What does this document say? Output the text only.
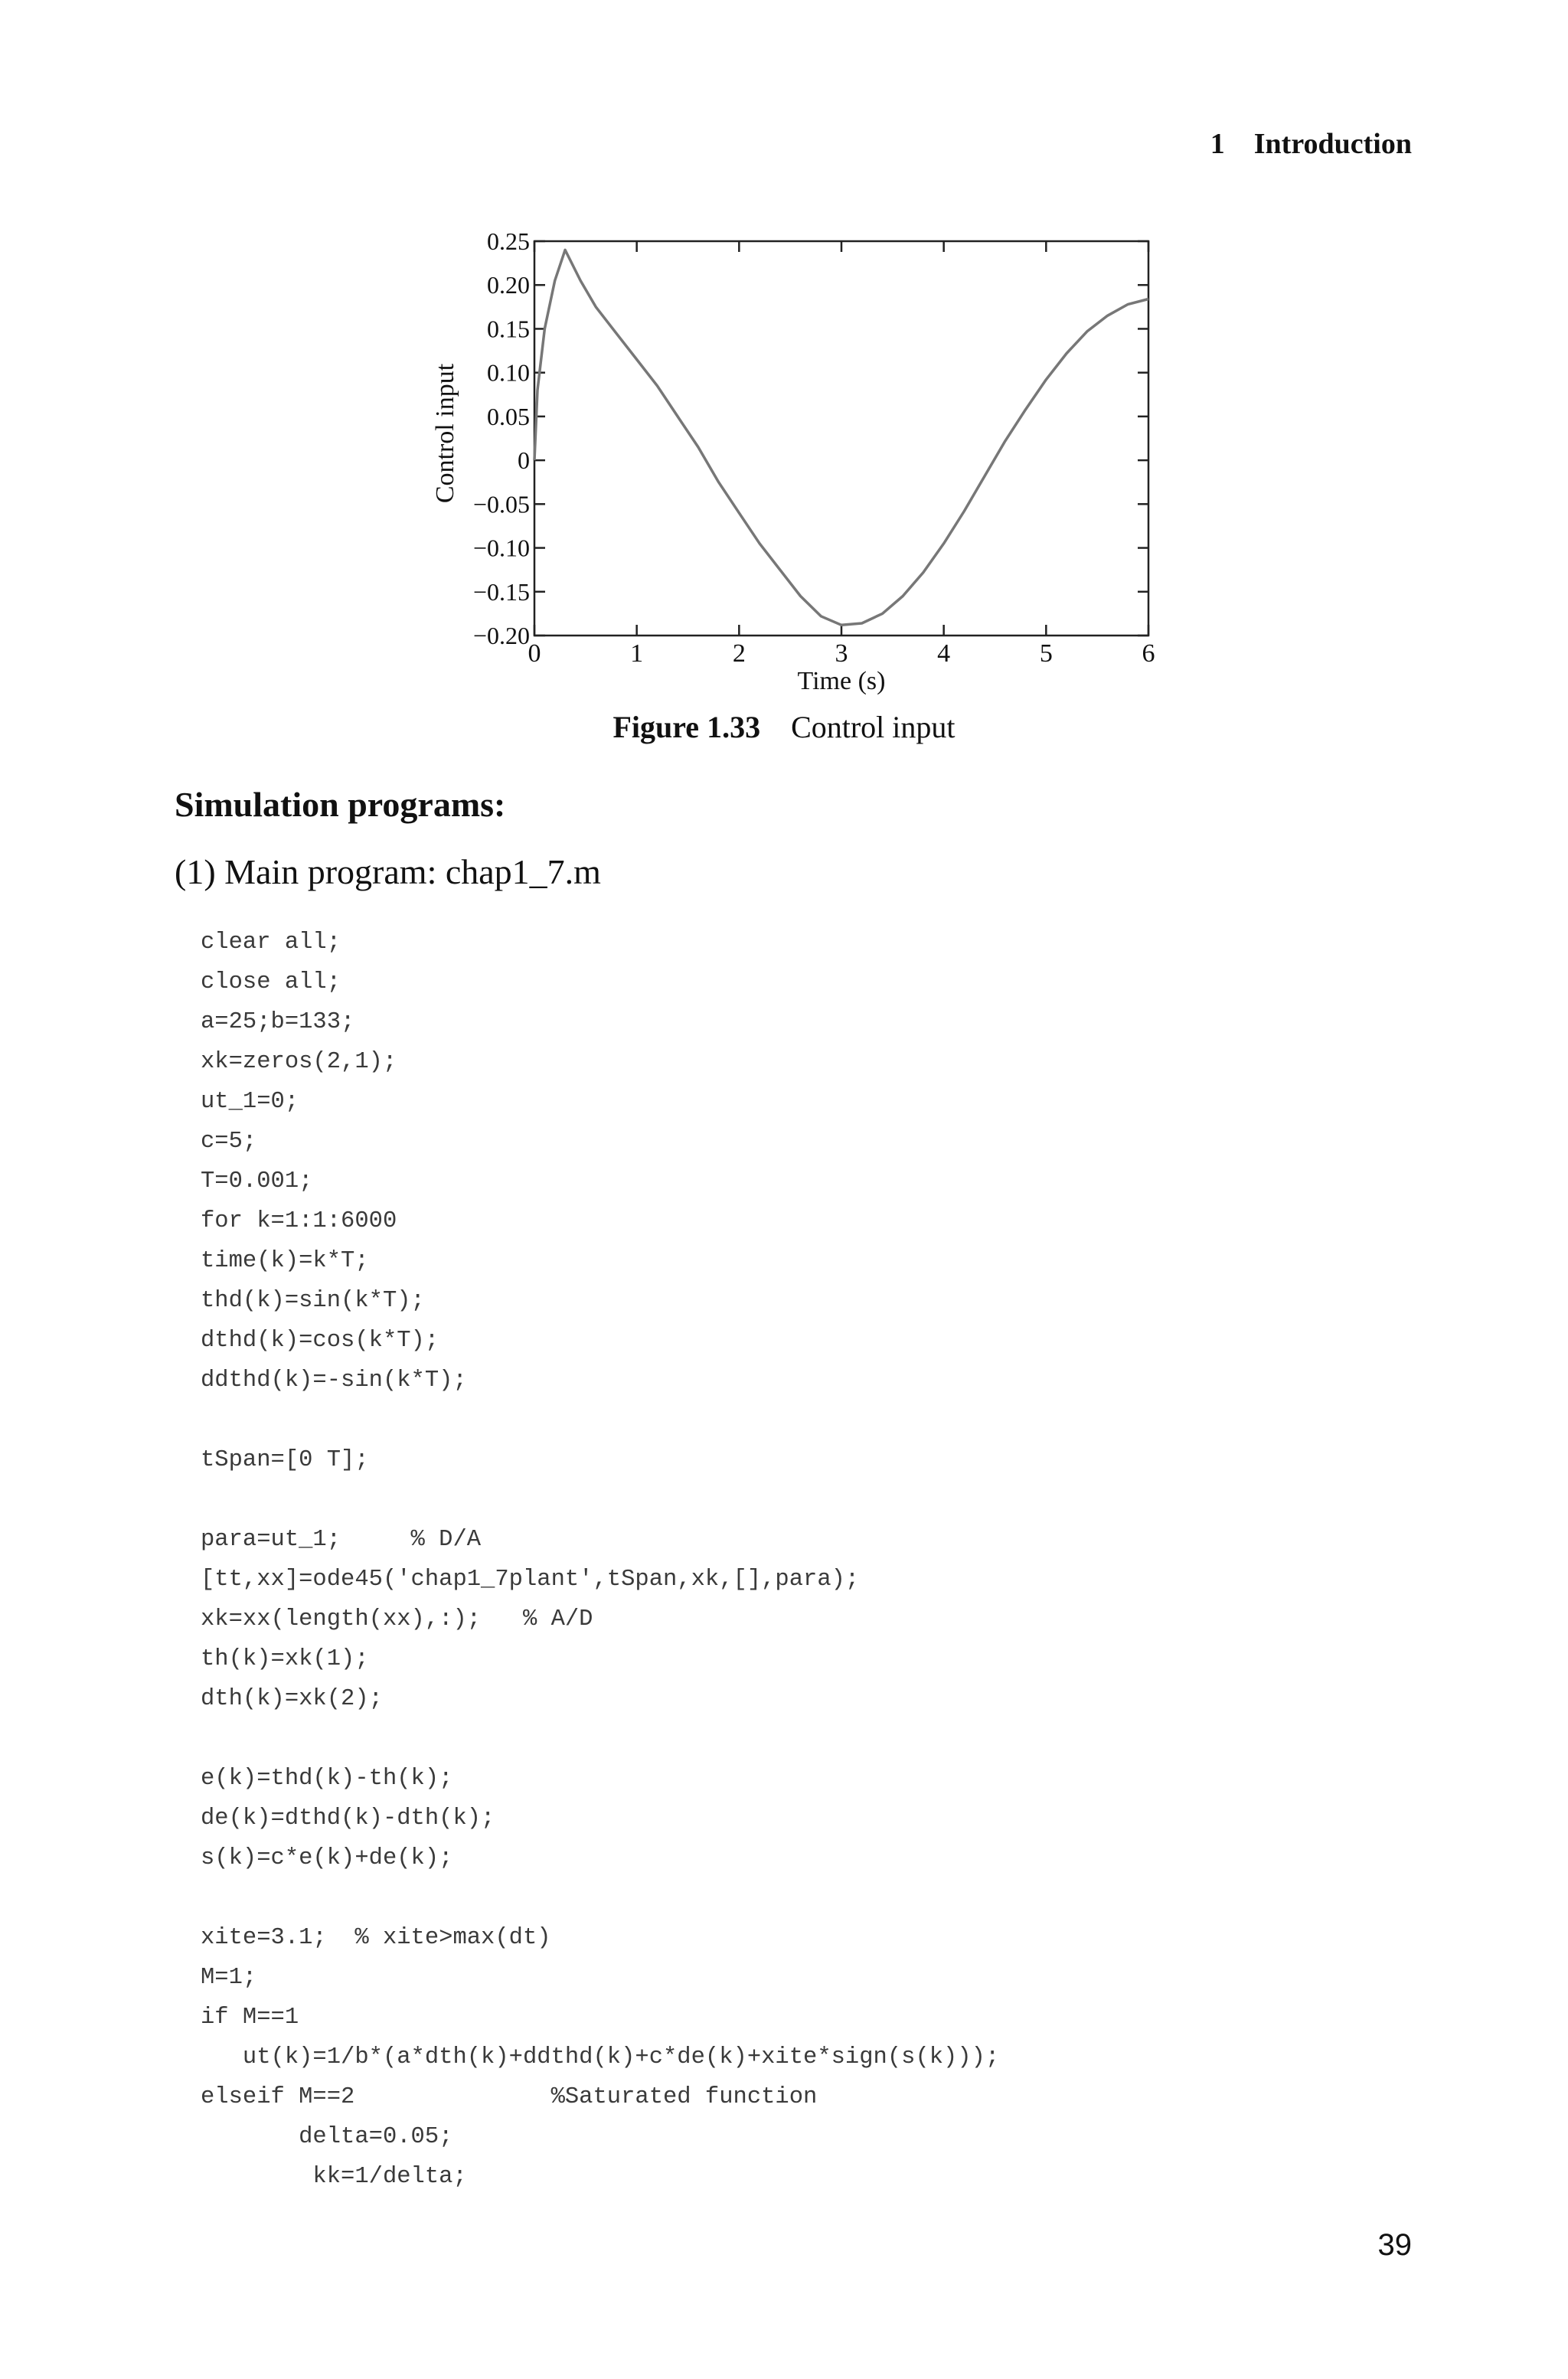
1 Introduction
0	1	2	3	4	5	6
0.25
0.20
0.15
0.10
0.05
0
−0.05
−0.10
−0.15
−0.20
Control input
Time (s)
Figure 1.33 Control input
Simulation programs:
(1) Main program: chap1_7.m
clear all;
close all;
a=25;b=133;
xk=zeros(2,1);
ut_1=0;
c=5;
T=0.001;
for k=1:1:6000
time(k)=k*T;
thd(k)=sin(k*T);
dthd(k)=cos(k*T);
ddthd(k)=-sin(k*T);
tSpan=[0 T];
para=ut_1;     % D/A
[tt,xx]=ode45('chap1_7plant',tSpan,xk,[],para);
xk=xx(length(xx),:);   % A/D
th(k)=xk(1);
dth(k)=xk(2);
e(k)=thd(k)-th(k);
de(k)=dthd(k)-dth(k);
s(k)=c*e(k)+de(k);
xite=3.1;  % xite>max(dt)
M=1;
if M==1
ut(k)=1/b*(a*dth(k)+ddthd(k)+c*de(k)+xite*sign(s(k)));
elseif M==2              %Saturated function
delta=0.05;
kk=1/delta;
39
